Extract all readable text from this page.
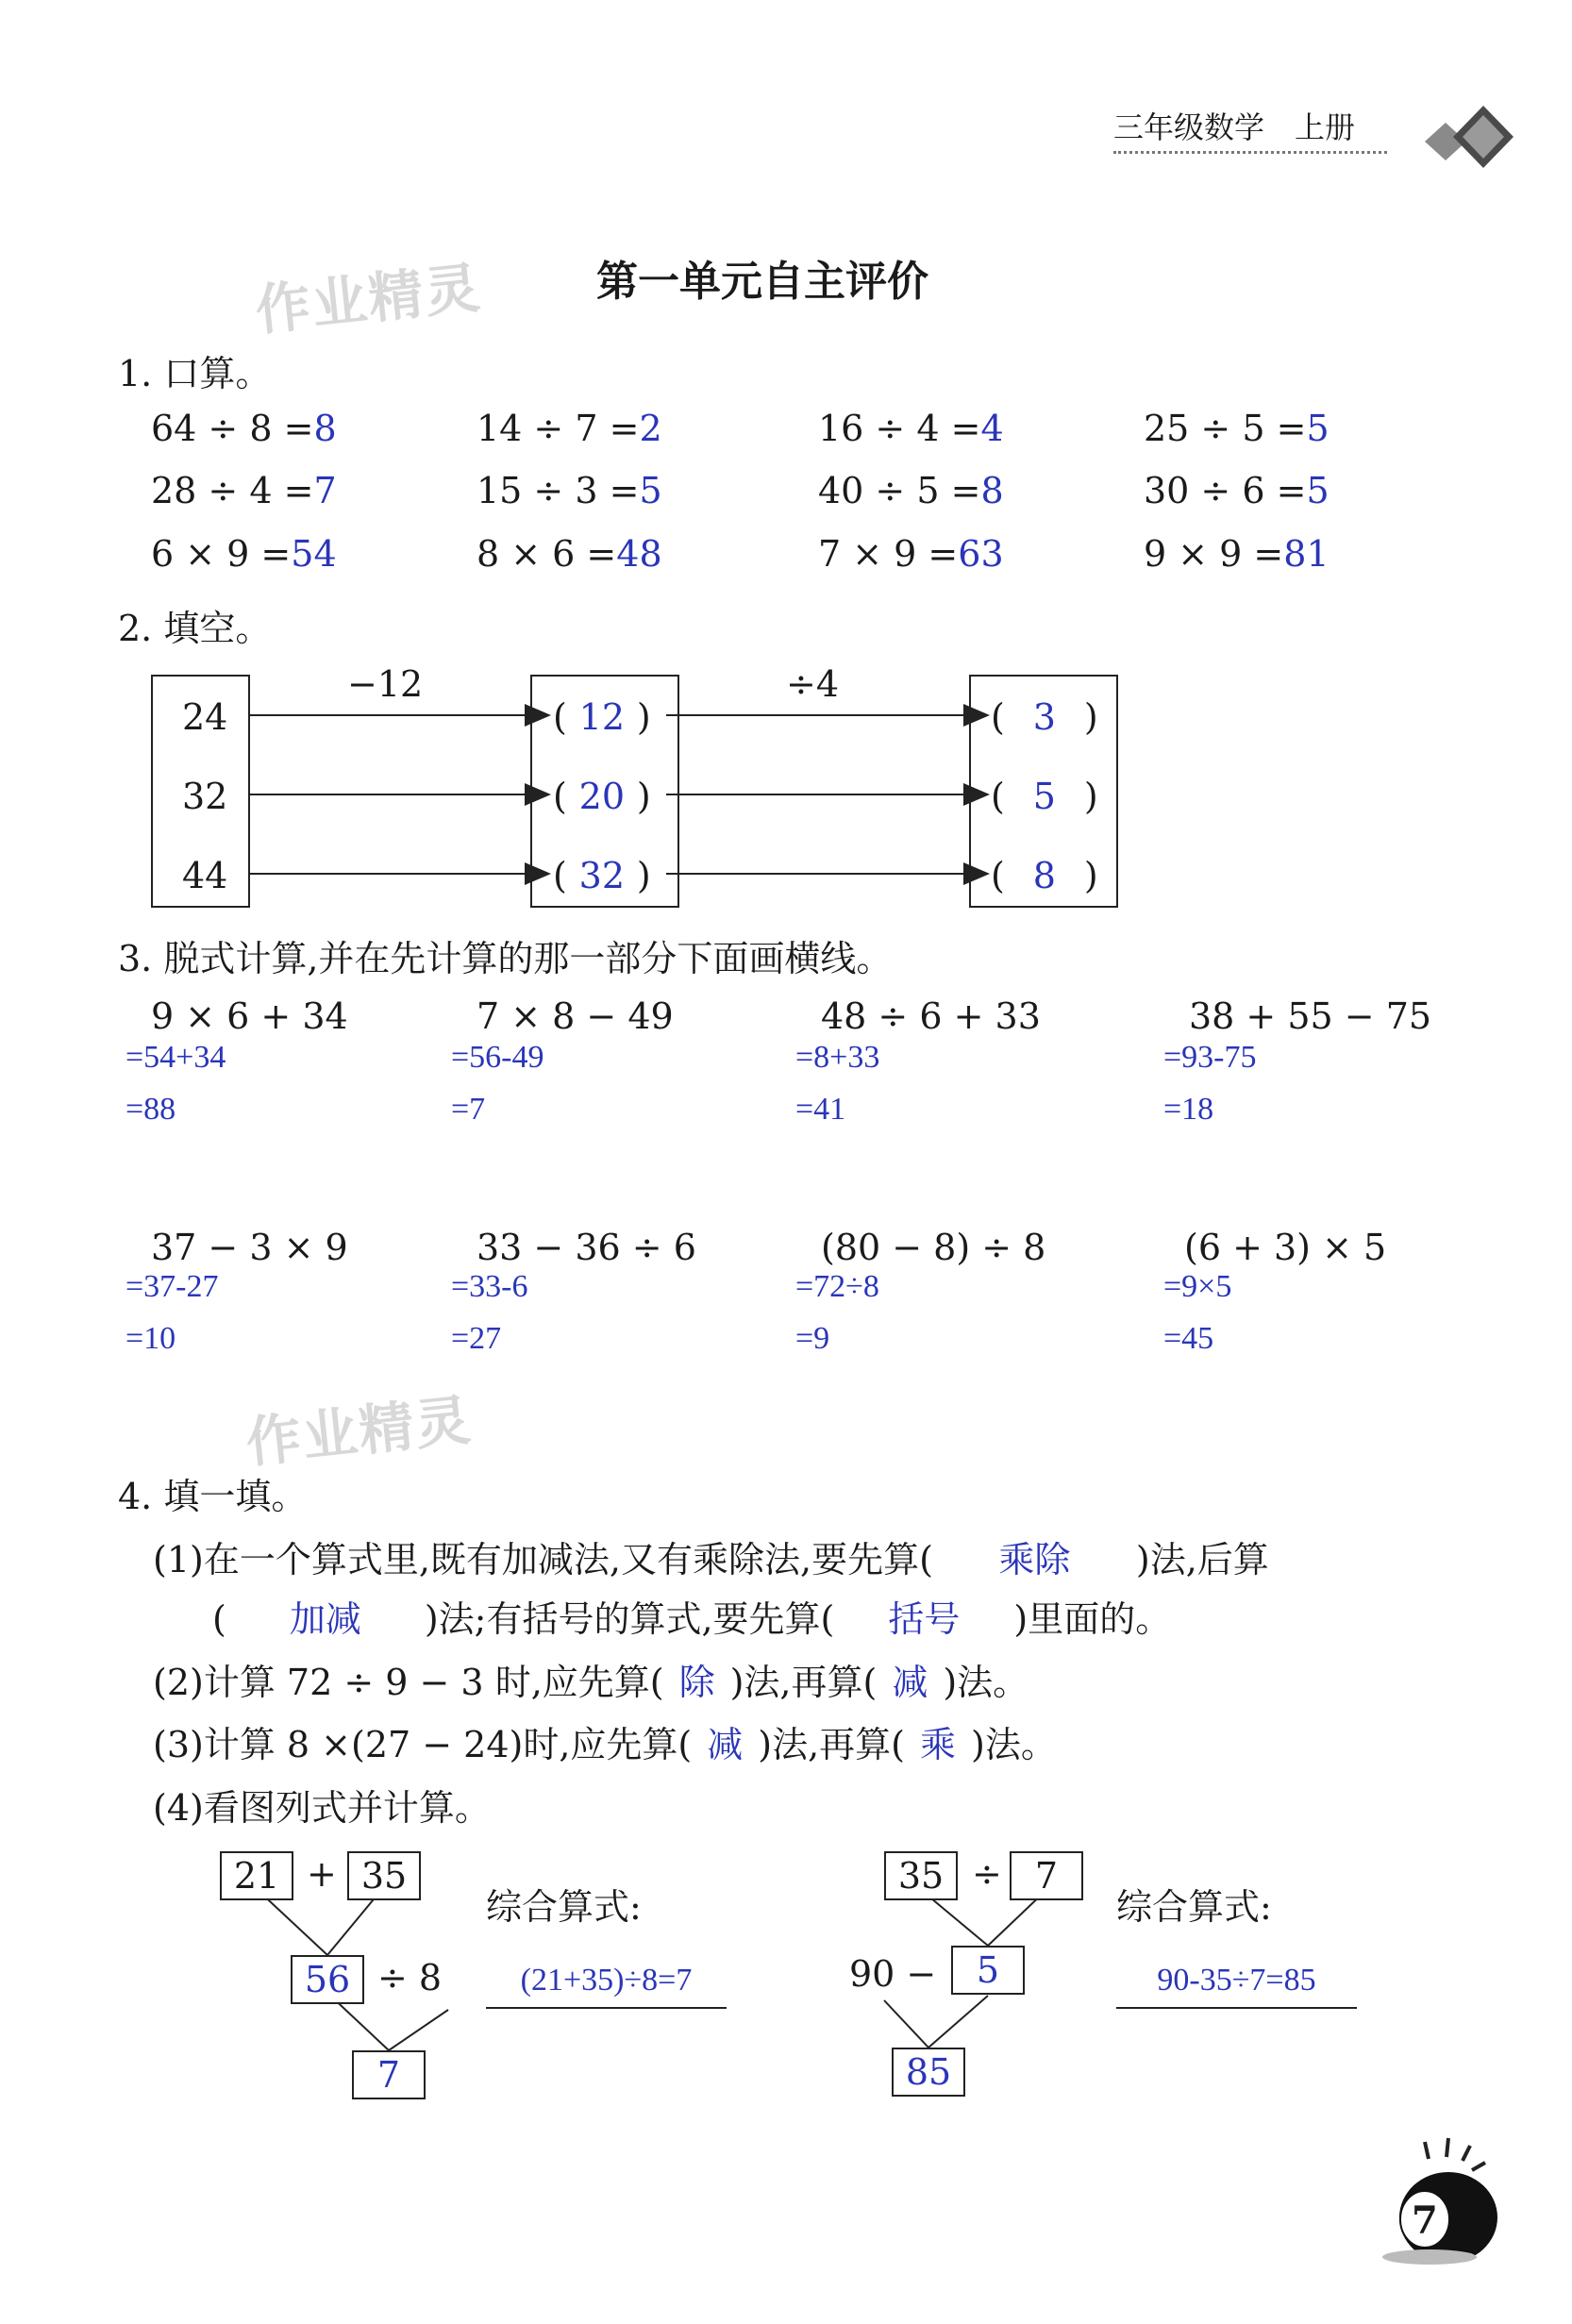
三年级数学　上册
作业精灵
作业精灵
第一单元自主评价
1. 口算。
64 ÷ 8 =8	14 ÷ 7 =2	16 ÷ 4 =4	25 ÷ 5 =5
28 ÷ 4 =7	15 ÷ 3 =5	40 ÷ 5 =8	30 ÷ 6 =5
6 × 9 =54	8 × 6 =48	7 × 9 =63	9 × 9 =81
2. 填空。
−12	÷4
24
32
44
( 12 )
( 20 )
( 32 )
( 3 )
( 5 )
( 8 )
3. 脱式计算,并在先计算的那一部分下面画横线。
9 × 6 + 34
=54+34
=88
7 × 8 − 49
=56-49
=7
48 ÷ 6 + 33
=8+33
=41
38 + 55 − 75
=93-75
=18
37 − 3 × 9
=37-27
=10
33 − 36 ÷ 6
=33-6
=27
(80 − 8) ÷ 8
=72÷8
=9
(6 + 3) × 5
=9×5
=45
4. 填一填。
(1)在一个算式里,既有加减法,又有乘除法,要先算( 乘除 )法,后算
( 加减 )法;有括号的算式,要先算( 括号 )里面的。
(2)计算 72 ÷ 9 − 3 时,应先算( 除 )法,再算( 减 )法。
(3)计算 8 ×(27 − 24)时,应先算( 减 )法,再算( 乘 )法。
(4)看图列式并计算。
21 + 35
56 ÷ 8
7
综合算式:
(21+35)÷8=7
35 ÷ 7
90 −	5
85
综合算式:
90-35÷7=85
7
